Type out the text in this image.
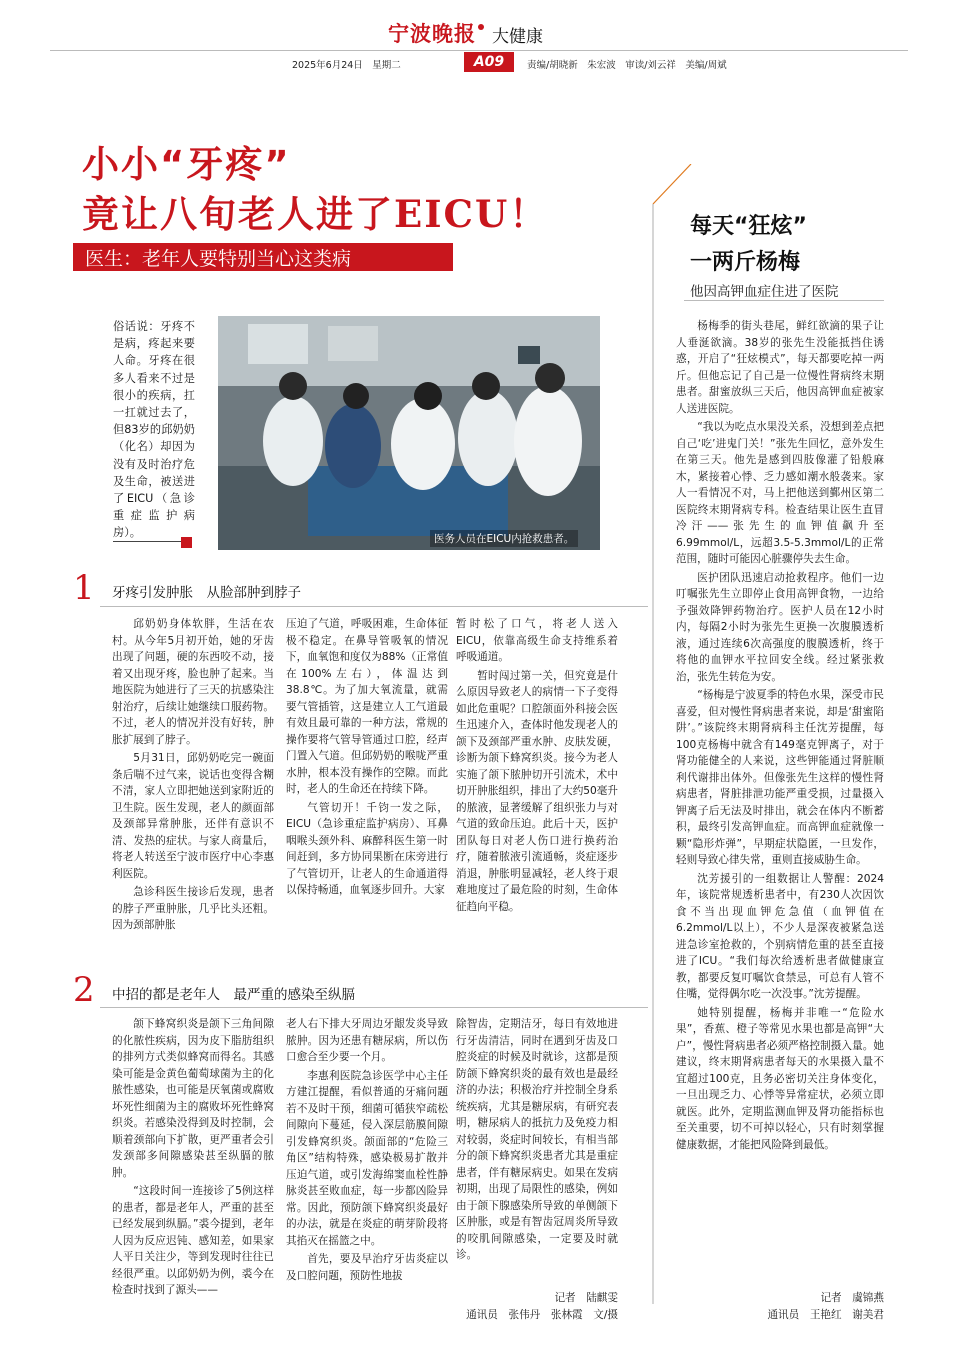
宁波晚报 大健康
2025年6月24日　星期二	A09	责编/胡晓新　朱宏波　审读/刘云祥　美编/周斌
小小“牙疼”
竟让八旬老人进了EICU！
医生：老年人要特别当心这类病
俗话说：牙疼不是病，疼起来要人命。牙疼在很多人看来不过是很小的疾病，扛一扛就过去了，但83岁的邱奶奶（化名）却因为没有及时治疗危及生命，被送进了EICU（急诊重症监护病房）。	医务人员在EICU内抢救患者。
1 牙疼引发肿胀　从脸部肿到脖子

邱奶奶身体软胖，生活在农村。从今年5月初开始，她的牙齿出现了问题，硬的东西咬不动，接着又出现牙疼，脸也肿了起来。当地医院为她进行了三天的抗感染注射治疗，后续让她继续口服药物。不过，老人的情况并没有好转，肿胀扩展到了脖子。

5月31日，邱奶奶吃完一碗面条后喘不过气来，说话也变得含糊不清，家人立即把她送到家附近的卫生院。医生发现，老人的颜面部及颈部异常肿胀，还伴有意识不清、发热的症状。与家人商量后，将老人转送至宁波市医疗中心李惠利医院。

急诊科医生接诊后发现，患者的脖子严重肿胀，几乎比头还粗。因为颈部肿胀

压迫了气道，呼吸困难，生命体征极不稳定。在鼻导管吸氧的情况下，血氧饱和度仅为88%（正常值在100%左右），体温达到38.8℃。为了加大氧流量，就需要气管插管，这是建立人工气道最有效且最可靠的一种方法，常规的操作要将气管导管通过口腔，经声门置入气道。但邱奶奶的喉咙严重水肿，根本没有操作的空隙。而此时，老人的生命还在持续下降。

气管切开！千钧一发之际，EICU（急诊重症监护病房）、耳鼻咽喉头颈外科、麻醉科医生第一时间赶到，多方协同果断在床旁进行了气管切开，让老人的生命通道得以保持畅通，血氧逐步回升。大家

暂时松了口气，将老人送入EICU，依靠高级生命支持维系着呼吸通道。

暂时闯过第一关，但究竟是什么原因导致老人的病情一下子变得如此危重呢？口腔颌面外科接会医生迅速介入，查体时他发现老人的颌下及颈部严重水肿、皮肤发硬，诊断为颌下蜂窝织炎。接今为老人实施了颌下脓肿切开引流术，术中切开肿胀组织，排出了大约50毫升的脓液，显著缓解了组织张力与对气道的致命压迫。此后十天，医护团队每日对老人伤口进行换药治疗，随着脓液引流通畅，炎症逐步消退，肿胀明显减轻，老人终于艰难地度过了最危险的时刻，生命体征趋向平稳。

2 中招的都是老年人　最严重的感染至纵膈

颌下蜂窝织炎是颌下三角间隙的化脓性疾病，因为皮下脂肪组织的排列方式类似蜂窝而得名。其感染可能是金黄色葡萄球菌为主的化脓性感染，也可能是厌氧菌或腐败坏死性细菌为主的腐败坏死性蜂窝织炎。若感染没得到及时控制，会顺着颈部向下扩散，更严重者会引发颈部多间隙感染甚至纵膈的脓肿。

“这段时间一连接诊了5例这样的患者，都是老年人，严重的甚至已经发展到纵膈。”裘今提到，老年人因为反应迟钝、感知差，如果家人平日关注少，等到发现时往往已经很严重。以邱奶奶为例，裘今在检查时找到了源头——

老人右下排大牙周边牙龈发炎导致脓肿。因为还患有糖尿病，所以伤口愈合至少要一个月。

李惠利医院急诊医学中心主任方建江提醒，看似普通的牙痛问题若不及时干预，细菌可循狭窄疏松间隙向下蔓延，侵入深层筋膜间隙引发蜂窝织炎。颌面部的“危险三角区”结构特殊，感染极易扩散并压迫气道，或引发海绵窦血栓性静脉炎甚至败血症，每一步都凶险异常。因此，预防颌下蜂窝织炎最好的办法，就是在炎症的萌芽阶段将其掐灭在摇篮之中。

首先，要及早治疗牙齿炎症以及口腔问题，预防性地拔

除智齿，定期洁牙，每日有效地进行牙齿清洁，同时在遇到牙齿及口腔炎症的时候及时就诊，这都是预防颌下蜂窝织炎的最有效也是最经济的办法；积极治疗并控制全身系统疾病，尤其是糖尿病，有研究表明，糖尿病人的抵抗力及免疫力相对较弱，炎症时间较长，有相当部分的颌下蜂窝织炎患者尤其是重症患者，伴有糖尿病史。如果在发病初期，出现了局限性的感染，例如由于颌下腺感染所导致的单侧颌下区肿胀，或是有智齿冠周炎所导致的咬肌间隙感染，一定要及时就诊。

记者　陆麒雯
通讯员　张伟丹　张林霞　文/摄
每天“狂炫”
一两斤杨梅
他因高钾血症住进了医院

杨梅季的街头巷尾，鲜红欲滴的果子让人垂涎欲滴。38岁的张先生没能抵挡住诱惑，开启了“狂炫模式”，每天都要吃掉一两斤。但他忘记了自己是一位慢性肾病终末期患者。甜蜜放纵三天后，他因高钾血症被家人送进医院。

“我以为吃点水果没关系，没想到差点把自己‘吃’进鬼门关！”张先生回忆，意外发生在第三天。他先是感到四肢像灌了铅般麻木，紧接着心悸、乏力感如潮水般袭来。家人一看情况不对，马上把他送到鄞州区第二医院终末期肾病专科。检查结果让医生直冒冷汗——张先生的血钾值飙升至6.99mmol/L，远超3.5-5.3mmol/L的正常范围，随时可能因心脏骤停失去生命。

医护团队迅速启动抢救程序。他们一边叮嘱张先生立即停止食用高钾食物，一边给予强效降钾药物治疗。医护人员在12小时内，每隔2小时为张先生更换一次腹膜透析液，通过连续6次高强度的腹膜透析，终于将他的血钾水平拉回安全线。经过紧张救治，张先生转危为安。

“杨梅是宁波夏季的特色水果，深受市民喜爱，但对慢性肾病患者来说，却是‘甜蜜陷阱’。”该院终末期肾病科主任沈芳提醒，每100克杨梅中就含有149毫克钾离子，对于肾功能健全的人来说，这些钾能通过肾脏顺利代谢排出体外。但像张先生这样的慢性肾病患者，肾脏排泄功能严重受损，过量摄入钾离子后无法及时排出，就会在体内不断蓄积，最终引发高钾血症。而高钾血症就像一颗“隐形炸弹”，早期症状隐匿，一旦发作，轻则导致心律失常，重则直接威胁生命。

沈芳援引的一组数据让人警醒：2024年，该院常规透析患者中，有230人次因饮食不当出现血钾危急值（血钾值在6.2mmol/L以上），不少人是深夜被紧急送进急诊室抢救的，个别病情危重的甚至直接进了ICU。“我们每次给透析患者做健康宣教，都要反复叮嘱饮食禁忌，可总有人管不住嘴，觉得偶尔吃一次没事。”沈芳提醒。

她特别提醒，杨梅并非唯一“危险水果”，香蕉、橙子等常见水果也都是高钾“大户”，慢性肾病患者必须严格控制摄入量。她建议，终末期肾病患者每天的水果摄入量不宜超过100克，且务必密切关注身体变化，一旦出现乏力、心悸等异常症状，必须立即就医。此外，定期监测血钾及肾功能指标也至关重要，切不可掉以轻心，只有时刻掌握健康数据，才能把风险降到最低。

记者　虞锦燕
通讯员　王艳红　谢美君
